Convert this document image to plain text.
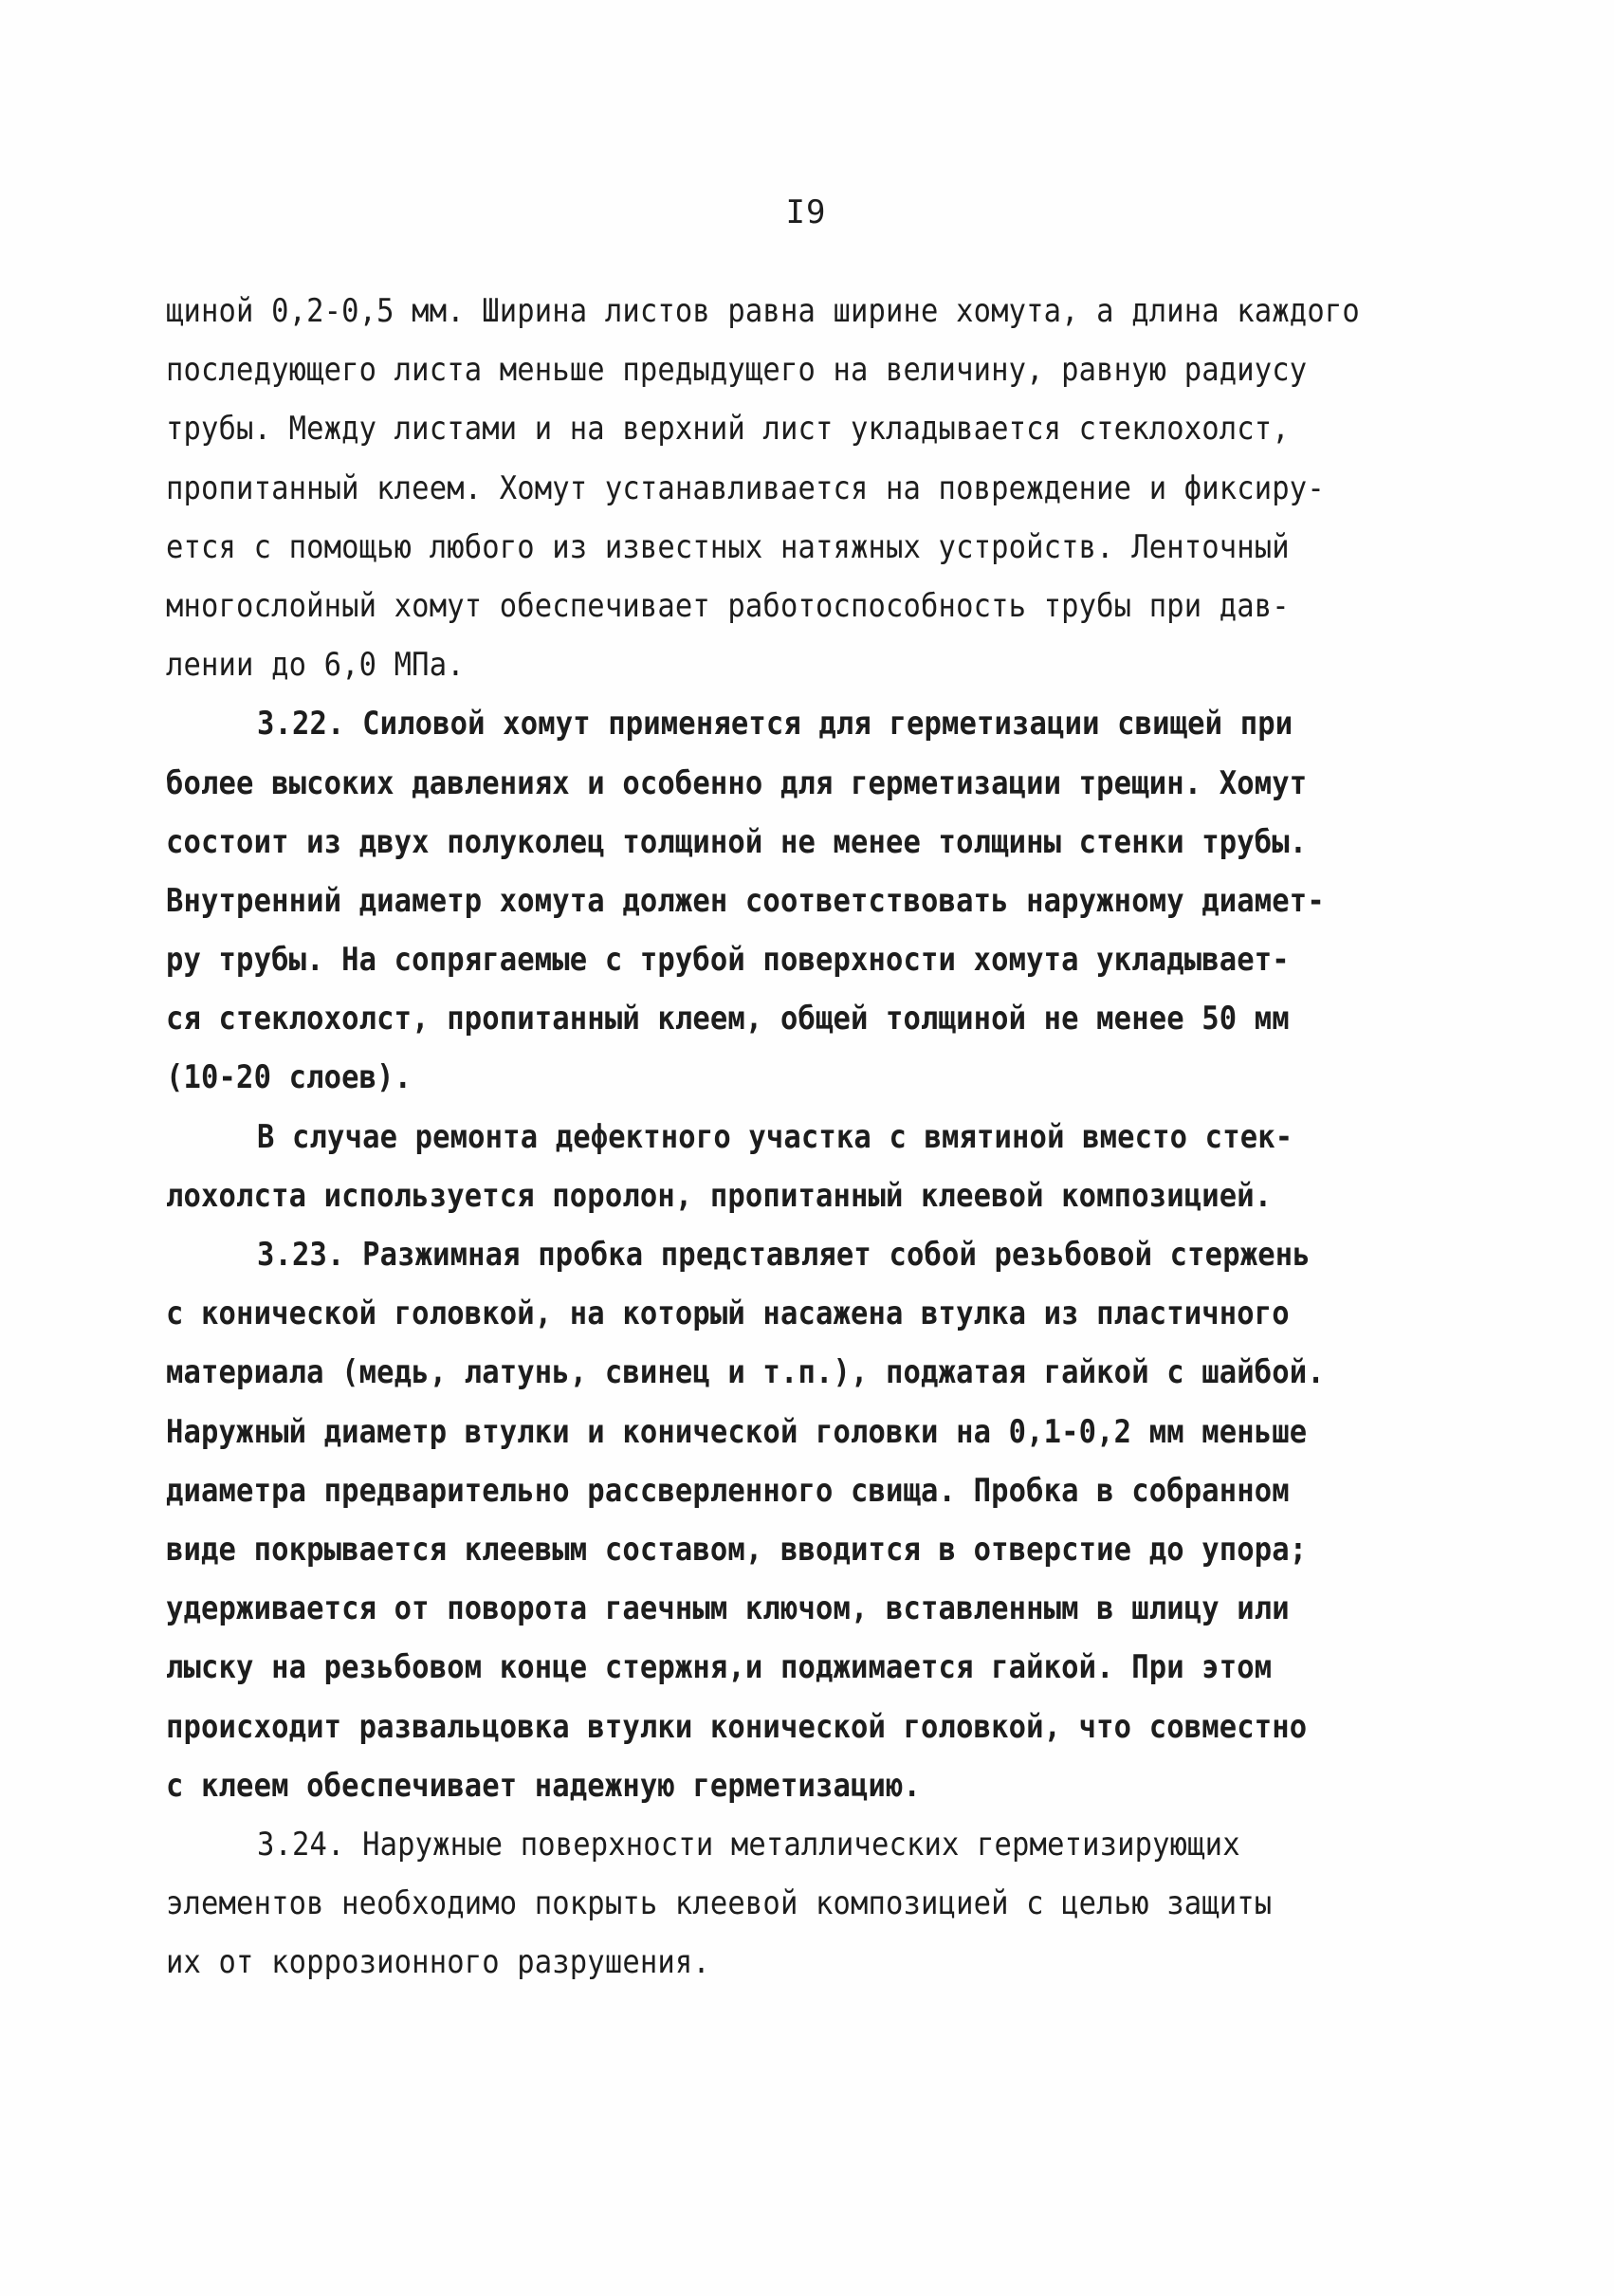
I9
щиной 0,2-0,5 мм. Ширина листов равна ширине хомута, а длина каждого
последующего листа меньше предыдущего на величину, равную радиусу
трубы. Между листами и на верхний лист укладывается стеклохолст,
пропитанный клеем. Хомут устанавливается на повреждение и фиксиру-
ется с помощью любого из известных натяжных устройств. Ленточный
многослойный хомут обеспечивает работоспособность трубы при дав-
лении до 6,0 МПа.
3.22. Силовой хомут применяется для герметизации свищей при
более высоких давлениях и особенно для герметизации трещин. Хомут
состоит из двух полуколец толщиной не менее толщины стенки трубы.
Внутренний диаметр хомута должен соответствовать наружному диамет-
ру трубы. На сопрягаемые с трубой поверхности хомута укладывает-
ся стеклохолст, пропитанный клеем, общей толщиной не менее 50 мм
(10-20 слоев).
В случае ремонта дефектного участка с вмятиной вместо стек-
лохолста используется поролон, пропитанный клеевой композицией.
3.23. Разжимная пробка представляет собой резьбовой стержень
с конической головкой, на который насажена втулка из пластичного
материала (медь, латунь, свинец и т.п.), поджатая гайкой с шайбой.
Наружный диаметр втулки и конической головки на 0,1-0,2 мм меньше
диаметра предварительно рассверленного свища. Пробка в собранном
виде покрывается клеевым составом, вводится в отверстие до упора;
удерживается от поворота гаечным ключом, вставленным в шлицу или
лыску на резьбовом конце стержня,и поджимается гайкой. При этом
происходит развальцовка втулки конической головкой, что совместно
с клеем обеспечивает надежную герметизацию.
3.24. Наружные поверхности металлических герметизирующих
элементов необходимо покрыть клеевой композицией с целью защиты
их от коррозионного разрушения.
